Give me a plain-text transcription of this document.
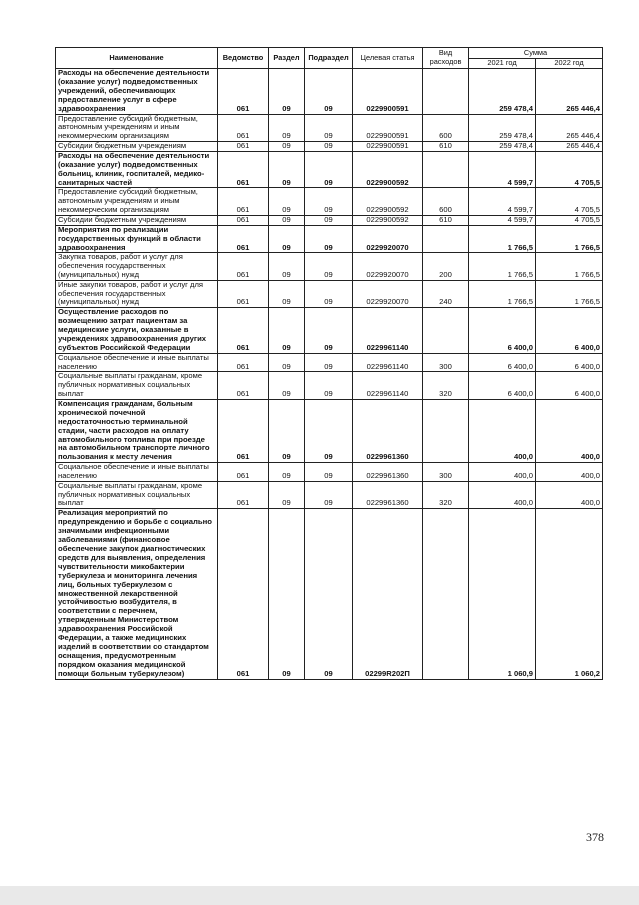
Наименование	Ведомство	Раздел	Подраздел	Целевая статья	Вид расходов	Сумма	
						2021 год	2022 год
Расходы на обеспечение деятельности (оказание услуг) подведомственных учреждений, обеспечивающих предоставление услуг в сфере здравоохранения	061	09	09	0229900591		259 478,4	265 446,4
Предоставление субсидий бюджетным, автономным учреждениям и иным некоммерческим организациям	061	09	09	0229900591	600	259 478,4	265 446,4
Субсидии бюджетным учреждениям	061	09	09	0229900591	610	259 478,4	265 446,4
Расходы на обеспечение деятельности (оказание услуг) подведомственных больниц, клиник, госпиталей, медико-санитарных частей	061	09	09	0229900592		4 599,7	4 705,5
Предоставление субсидий бюджетным, автономным учреждениям и иным некоммерческим организациям	061	09	09	0229900592	600	4 599,7	4 705,5
Субсидии бюджетным учреждениям	061	09	09	0229900592	610	4 599,7	4 705,5
Мероприятия по реализации государственных функций в области здравоохранения	061	09	09	0229920070		1 766,5	1 766,5
Закупка товаров, работ и услуг для обеспечения государственных (муниципальных) нужд	061	09	09	0229920070	200	1 766,5	1 766,5
Иные закупки товаров, работ и услуг для обеспечения государственных (муниципальных) нужд	061	09	09	0229920070	240	1 766,5	1 766,5
Осуществление расходов по возмещению затрат пациентам за медицинские услуги, оказанные в учреждениях здравоохранения других субъектов Российской Федерации	061	09	09	0229961140		6 400,0	6 400,0
Социальное обеспечение и иные выплаты населению	061	09	09	0229961140	300	6 400,0	6 400,0
Социальные выплаты гражданам, кроме публичных нормативных социальных выплат	061	09	09	0229961140	320	6 400,0	6 400,0
Компенсация гражданам, больным хронической почечной недостаточностью терминальной стадии, части расходов на оплату автомобильного топлива при проезде на автомобильном транспорте личного пользования к месту лечения	061	09	09	0229961360		400,0	400,0
Социальное обеспечение и иные выплаты населению	061	09	09	0229961360	300	400,0	400,0
Социальные выплаты гражданам, кроме публичных нормативных социальных выплат	061	09	09	0229961360	320	400,0	400,0
Реализация мероприятий по предупреждению и борьбе с социально значимыми инфекционными заболеваниями (финансовое обеспечение закупок диагностических средств для выявления, определения чувствительности микобактерии туберкулеза и мониторинга лечения лиц, больных туберкулезом с множественной лекарственной устойчивостью возбудителя, в соответствии с перечнем, утвержденным Министерством здравоохранения Российской Федерации, а также медицинских изделий в соответствии со стандартом оснащения, предусмотренным порядком оказания медицинской помощи больным туберкулезом)	061	09	09	02299R202П		1 060,9	1 060,2
378
